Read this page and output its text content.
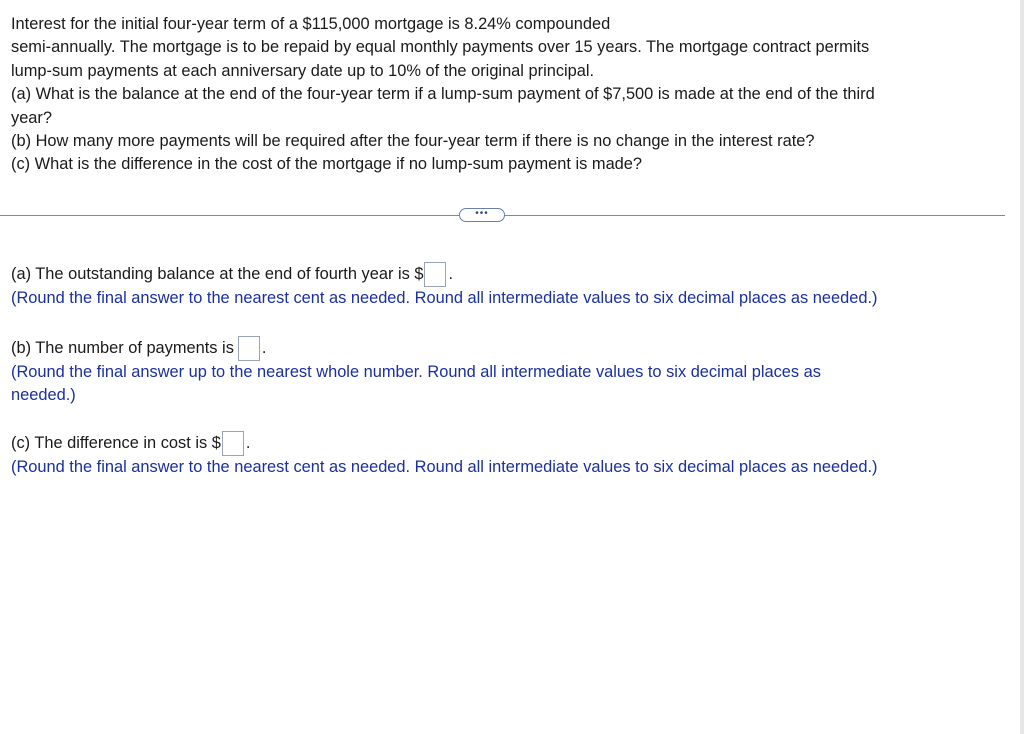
Interest for the initial four-year term of a $115,000 mortgage is 8.24% compounded
semi-annually. The mortgage is to be repaid by equal monthly payments over 15 years. The mortgage contract permits
lump-sum payments at each anniversary date up to 10% of the original principal.
(a) What is the balance at the end of the four-year term if a lump-sum payment of $7,500 is made at the end of the third
year?
(b) How many more payments will be required after the four-year term if there is no change in the interest rate?
(c) What is the difference in the cost of the mortgage if no lump-sum payment is made?
•••
(a) The outstanding balance at the end of fourth year is $ .
(Round the final answer to the nearest cent as needed. Round all intermediate values to six decimal places as needed.)
(b) The number of payments is .
(Round the final answer up to the nearest whole number. Round all intermediate values to six decimal places as
needed.)
(c) The difference in cost is $ .
(Round the final answer to the nearest cent as needed. Round all intermediate values to six decimal places as needed.)
